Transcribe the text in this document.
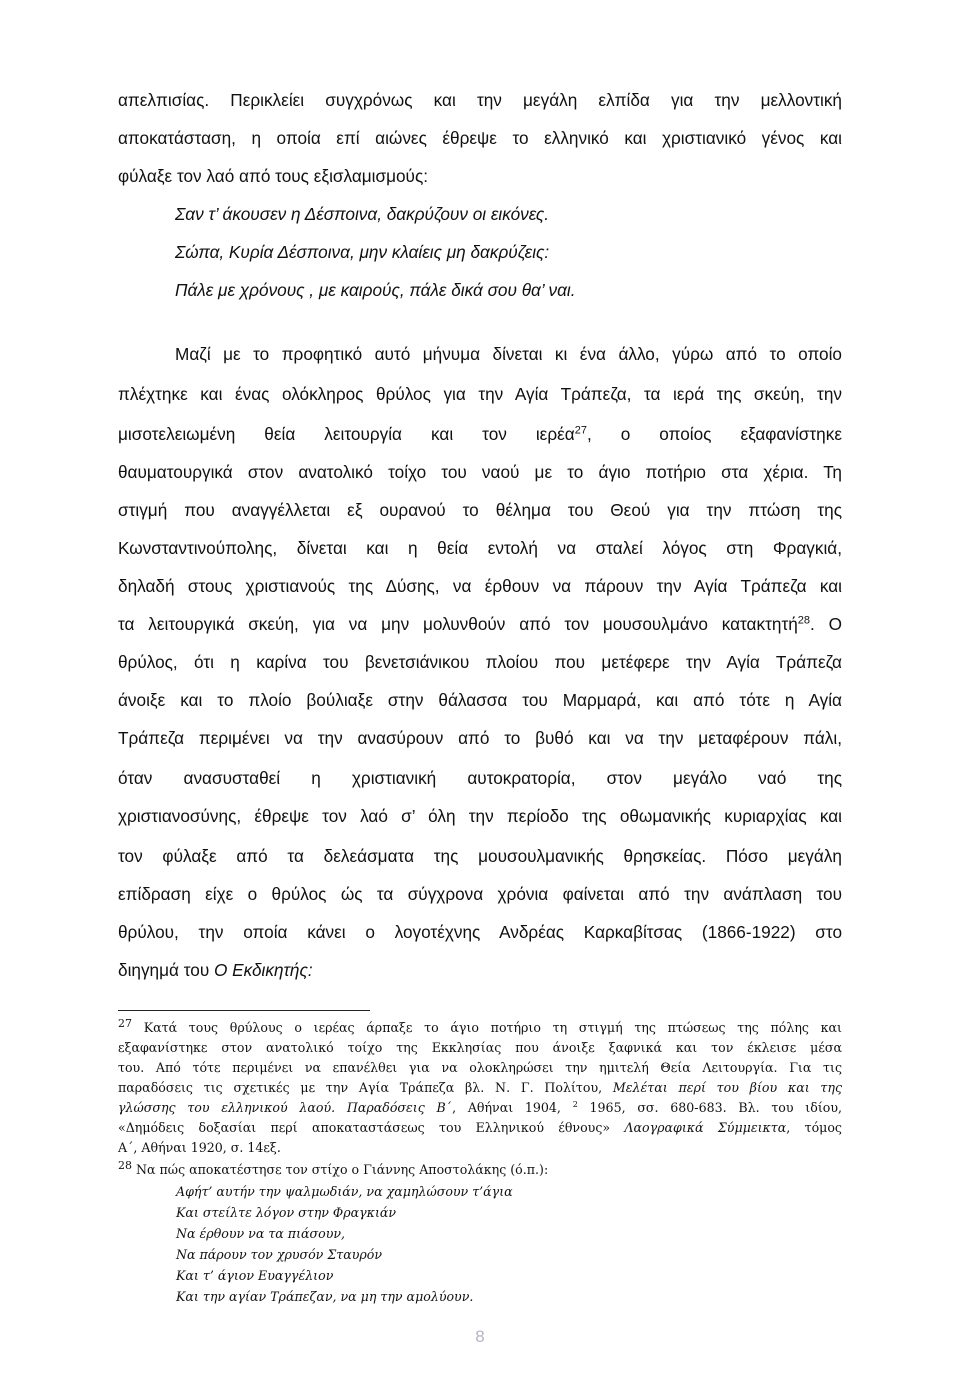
απελπισίας. Περικλείει συγχρόνως και την μεγάλη ελπίδα για την μελλοντική
αποκατάσταση, η οποία επί αιώνες έθρεψε το ελληνικό και χριστιανικό γένος και
φύλαξε τον λαό από τους εξισλαμισμούς:
Σαν τ’ άκουσεν η Δέσποινα, δακρύζουν οι εικόνες.
Σώπα, Κυρία Δέσποινα, μην κλαίεις μη δακρύζεις:
Πάλε με χρόνους , με καιρούς, πάλε δικά σου θα’ ναι.
Μαζί με το προφητικό αυτό μήνυμα δίνεται κι ένα άλλο, γύρω από το οποίο
πλέχτηκε και ένας ολόκληρος θρύλος για την Αγία Τράπεζα, τα ιερά της σκεύη, την
μισοτελειωμένη θεία λειτουργία και τον ιερέα$^{27}$, ο οποίος εξαφανίστηκε
θαυματουργικά στον ανατολικό τοίχο του ναού με το άγιο ποτήριο στα χέρια. Τη
στιγμή που αναγγέλλεται εξ ουρανού το θέλημα του Θεού για την πτώση της
Κωνσταντινούπολης, δίνεται και η θεία εντολή να σταλεί λόγος στη Φραγκιά,
δηλαδή στους χριστιανούς της Δύσης, να έρθουν να πάρουν την Αγία Τράπεζα και
τα λειτουργικά σκεύη, για να μην μολυνθούν από τον μουσουλμάνο κατακτητή$^{28}$. Ο
θρύλος, ότι η καρίνα του βενετσιάνικου πλοίου που μετέφερε την Αγία Τράπεζα
άνοιξε και το πλοίο βούλιαξε στην θάλασσα του Μαρμαρά, και από τότε η Αγία
Τράπεζα περιμένει να την ανασύρουν από το βυθό και να την μεταφέρουν πάλι,
όταν ανασυσταθεί η χριστιανική αυτοκρατορία, στον μεγάλο ναό της
χριστιανοσύνης, έθρεψε τον λαό σ’ όλη την περίοδο της οθωμανικής κυριαρχίας και
τον φύλαξε από τα δελεάσματα της μουσουλμανικής θρησκείας. Πόσο μεγάλη
επίδραση είχε ο θρύλος ώς τα σύγχρονα χρόνια φαίνεται από την ανάπλαση του
θρύλου, την οποία κάνει ο λογοτέχνης Ανδρέας Καρκαβίτσας (1866-1922) στο
διηγημά του Ο Εκδικητής:
27 Κατά τους θρύλους ο ιερέας άρπαξε το άγιο ποτήριο τη στιγμή της πτώσεως της πόλης και
εξαφανίστηκε στον ανατολικό τοίχο της Εκκλησίας που άνοιξε ξαφνικά και τον έκλεισε μέσα
του. Από τότε περιμένει να επανέλθει για να ολοκληρώσει την ημιτελή Θεία Λειτουργία. Για τις
παραδόσεις τις σχετικές με την Αγία Τράπεζα βλ. Ν. Γ. Πολίτου, Μελέται περί του βίου και της
γλώσσης του ελληνικού λαού. Παραδόσεις Β΄, Αθήναι 1904, $^2$ 1965, σσ. 680-683. Βλ. του ιδίου,
«Δημόδεις δοξασίαι περί αποκαταστάσεως του Ελληνικού έθνους» Λαογραφικά Σύμμεικτα, τόμος
Α΄, Αθήναι 1920, σ. 14εξ.
28 Να πώς αποκατέστησε τον στίχο ο Γιάννης Αποστολάκης (ό.π.):
Αφήτ’ αυτήν την ψαλμωδιάν, να χαμηλώσουν τ’άγια
Και στείλτε λόγον στην Φραγκιάν
Να έρθουν να τα πιάσουν,
Να πάρουν τον χρυσόν Σταυρόν
Και τ’ άγιον Ευαγγέλιον
Και την αγίαν Τράπεζαν, να μη την αμολύουν.
8
